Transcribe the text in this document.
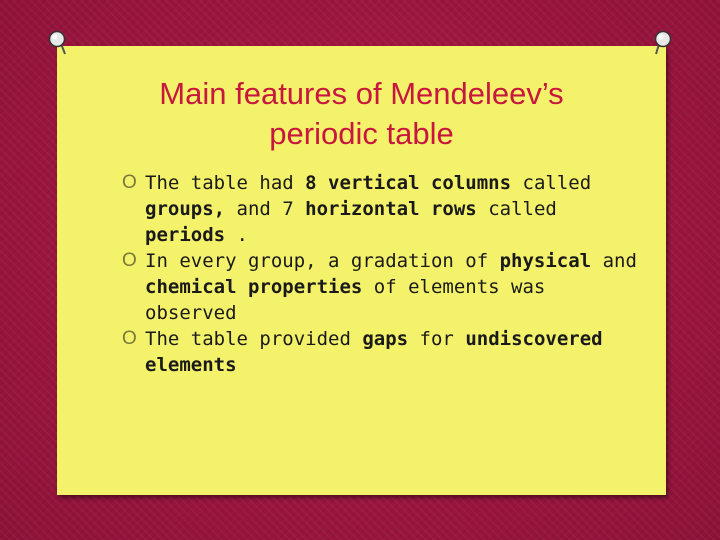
Main features of Mendeleev’s
periodic table
O The table had 8 vertical columns called groups, and 7 horizontal rows called periods .
O In every group, a gradation of physical and chemical properties of elements was observed
O The table provided gaps for undiscovered elements
